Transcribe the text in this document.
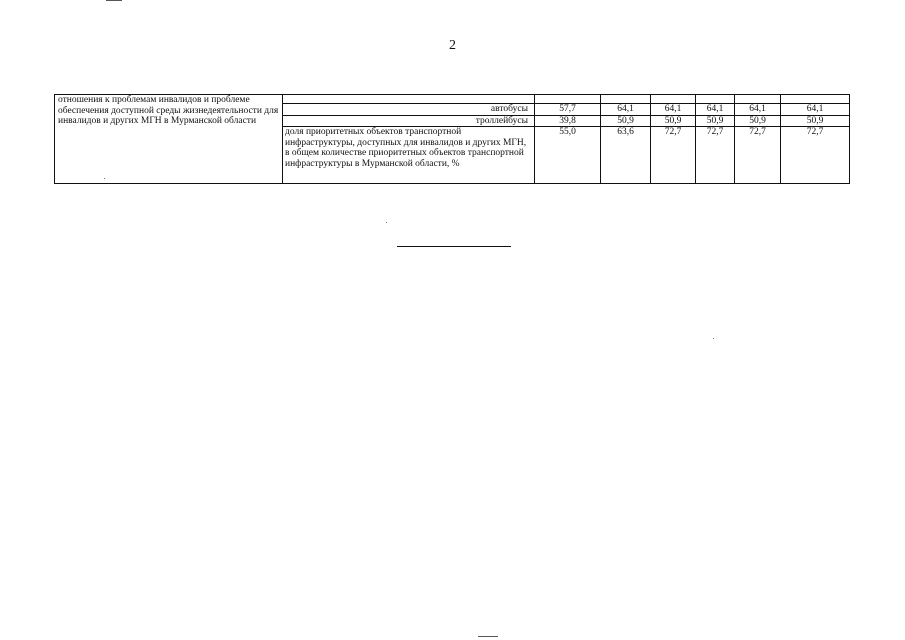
2
отношения к проблемам инвалидов и проблеме обеспечения доступной среды жизнедеятельности для инвалидов и других МГН в Мурманской области							
	автобусы	57,7	64,1	64,1	64,1	64,1	64,1
	троллейбусы	39,8	50,9	50,9	50,9	50,9	50,9
	доля приоритетных объектов транспортной инфраструктуры, доступных для инвалидов и других МГН, в общем количестве приоритетных объектов транспортной инфраструктуры в Мурманской области, %	55,0	63,6	72,7	72,7	72,7	72,7
